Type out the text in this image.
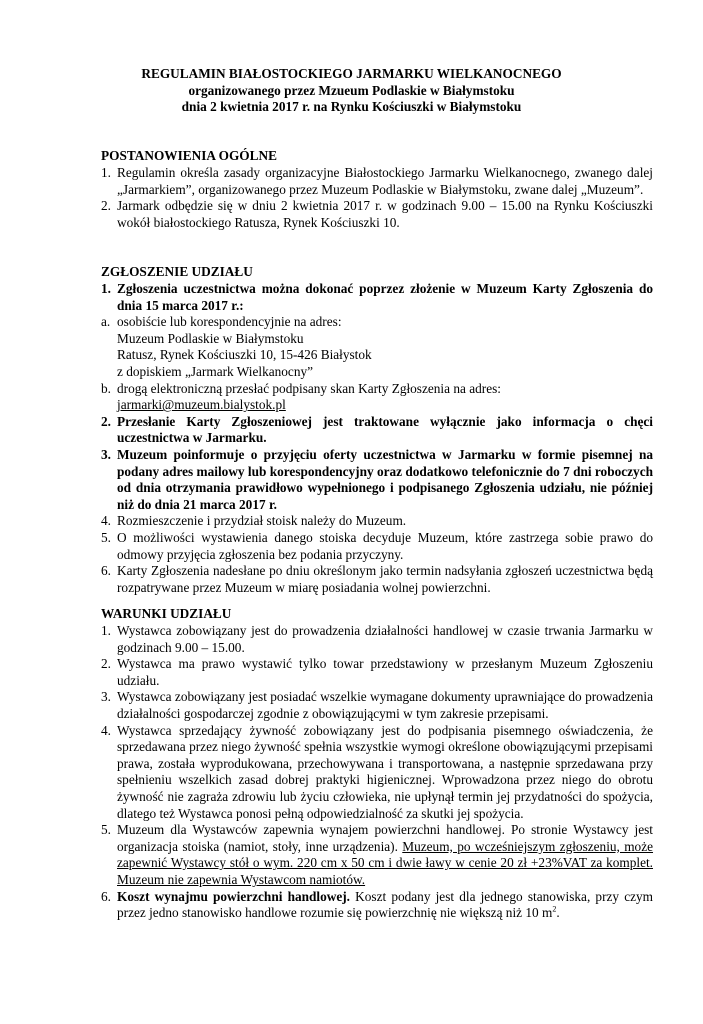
REGULAMIN BIAŁOSTOCKIEGO JARMARKU WIELKANOCNEGO
organizowanego przez Mzueum Podlaskie w Białymstoku
dnia 2 kwietnia 2017 r. na Rynku Kościuszki w Białymstoku
POSTANOWIENIA OGÓLNE
1. Regulamin określa zasady organizacyjne Białostockiego Jarmarku Wielkanocnego, zwanego dalej „Jarmarkiem”, organizowanego przez Muzeum Podlaskie w Białymstoku, zwane dalej „Muzeum”.
2. Jarmark odbędzie się w dniu 2 kwietnia 2017 r. w godzinach 9.00 – 15.00 na Rynku Kościuszki wokół białostockiego Ratusza, Rynek Kościuszki 10.
ZGŁOSZENIE UDZIAŁU
1. Zgłoszenia uczestnictwa można dokonać poprzez złożenie w Muzeum Karty Zgłoszenia do dnia 15 marca 2017 r.:
a. osobiście lub korespondencyjnie na adres:
Muzeum Podlaskie w Białymstoku
Ratusz, Rynek Kościuszki 10, 15-426 Białystok
z dopiskiem „Jarmark Wielkanocny”
b. drogą elektroniczną przesłać podpisany skan Karty Zgłoszenia na adres:
jarmarki@muzeum.bialystok.pl
2. Przesłanie Karty Zgłoszeniowej jest traktowane wyłącznie jako informacja o chęci uczestnictwa w Jarmarku.
3. Muzeum poinformuje o przyjęciu oferty uczestnictwa w Jarmarku w formie pisemnej na podany adres mailowy lub korespondencyjny oraz dodatkowo telefonicznie do 7 dni roboczych od dnia otrzymania prawidłowo wypełnionego i podpisanego Zgłoszenia udziału, nie później niż do dnia 21 marca 2017 r.
4. Rozmieszczenie i przydział stoisk należy do Muzeum.
5. O możliwości wystawienia danego stoiska decyduje Muzeum, które zastrzega sobie prawo do odmowy przyjęcia zgłoszenia bez podania przyczyny.
6. Karty Zgłoszenia nadesłane po dniu określonym jako termin nadsyłania zgłoszeń uczestnictwa będą rozpatrywane przez Muzeum w miarę posiadania wolnej powierzchni.
WARUNKI UDZIAŁU
1. Wystawca zobowiązany jest do prowadzenia działalności handlowej w czasie trwania Jarmarku w godzinach 9.00 – 15.00.
2. Wystawca ma prawo wystawić tylko towar przedstawiony w przesłanym Muzeum Zgłoszeniu udziału.
3. Wystawca zobowiązany jest posiadać wszelkie wymagane dokumenty uprawniające do prowadzenia działalności gospodarczej zgodnie z obowiązującymi w tym zakresie przepisami.
4. Wystawca sprzedający żywność zobowiązany jest do podpisania pisemnego oświadczenia, że sprzedawana przez niego żywność spełnia wszystkie wymogi określone obowiązującymi przepisami prawa, została wyprodukowana, przechowywana i transportowana, a następnie sprzedawana przy spełnieniu wszelkich zasad dobrej praktyki higienicznej. Wprowadzona przez niego do obrotu żywność nie zagraża zdrowiu lub życiu człowieka, nie upłynął termin jej przydatności do spożycia, dlatego też Wystawca ponosi pełną odpowiedzialność za skutki jej spożycia.
5. Muzeum dla Wystawców zapewnia wynajem powierzchni handlowej. Po stronie Wystawcy jest organizacja stoiska (namiot, stoły, inne urządzenia). Muzeum, po wcześniejszym zgłoszeniu, może zapewnić Wystawcy stół o wym. 220 cm x 50 cm i dwie ławy w cenie 20 zł +23%VAT za komplet. Muzeum nie zapewnia Wystawcom namiotów.
6. Koszt wynajmu powierzchni handlowej. Koszt podany jest dla jednego stanowiska, przy czym przez jedno stanowisko handlowe rozumie się powierzchnię nie większą niż 10 $m^2$.
